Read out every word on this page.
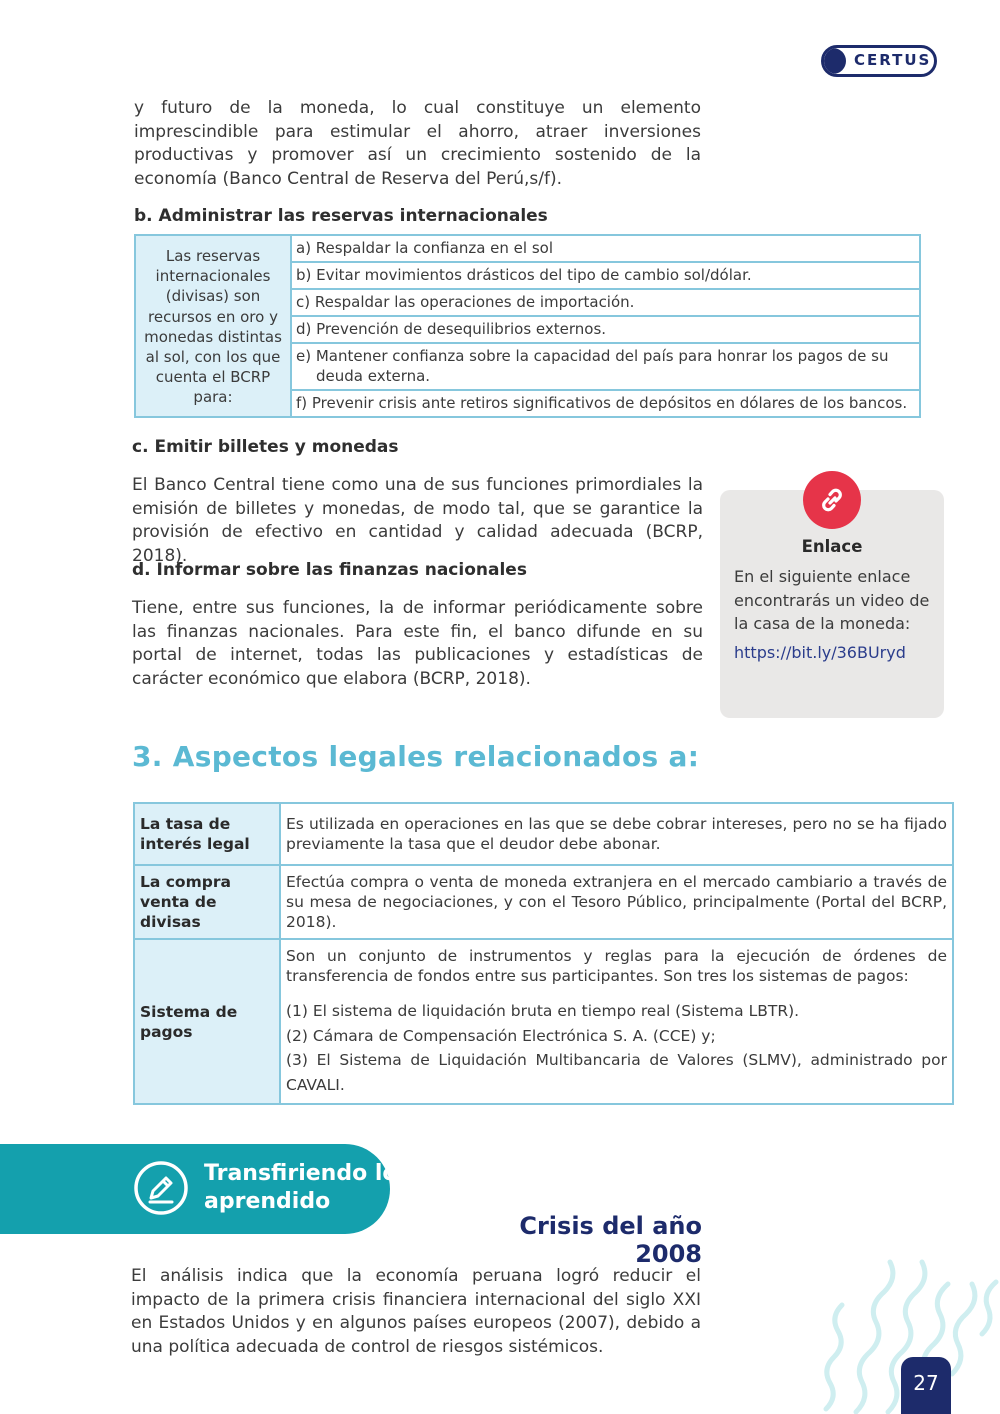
CERTUS
y futuro de la moneda, lo cual constituye un elemento imprescindible para estimular el ahorro, atraer inversiones productivas y promover así un crecimiento sostenido de la economía (Banco Central de Reserva del Perú,s/f).
b. Administrar las reservas internacionales
Las reservas internacionales (divisas) son recursos en oro y monedas distintas al sol, con los que cuenta el BCRP para:	a) Respaldar la confianza en el sol
b) Evitar movimientos drásticos del tipo de cambio sol/dólar.
c) Respaldar las operaciones de importación.
d) Prevención de desequilibrios externos.

e) Mantener confianza sobre la capacidad del país para honrar los pagos de su deuda externa.

f) Prevenir crisis ante retiros significativos de depósitos en dólares de los bancos.
c. Emitir billetes y monedas
El Banco Central tiene como una de sus funciones primordiales la emisión de billetes y monedas, de modo tal, que se garantice la provisión de efectivo en cantidad y calidad adecuada (BCRP, 2018).
d. Informar sobre las finanzas nacionales
Tiene, entre sus funciones, la de informar periódicamente sobre las finanzas nacionales. Para este fin, el banco difunde en su portal de internet, todas las publicaciones y estadísticas de carácter económico que elabora (BCRP, 2018).
Enlace
En el siguiente enlace encontrarás un video de la casa de la moneda:
https://bit.ly/36BUryd
3. Aspectos legales relacionados a:
La tasa de interés legal	Es utilizada en operaciones en las que se debe cobrar intereses, pero no se ha fijado previamente la tasa que el deudor debe abonar.
La compra venta de divisas	Efectúa compra o venta de moneda extranjera en el mercado cambiario a través de su mesa de negociaciones, y con el Tesoro Público, principalmente (Portal del BCRP, 2018).
Sistema de pagos	Son un conjunto de instrumentos y reglas para la ejecución de órdenes de transferencia de fondos entre sus participantes. Son tres los sistemas de pagos:
(1) El sistema de liquidación bruta en tiempo real (Sistema LBTR).
(2) Cámara de Compensación Electrónica S. A. (CCE) y;
(3) El Sistema de Liquidación Multibancaria de Valores (SLMV), administrado por CAVALI.
Transfiriendo lo
aprendido
Crisis del año 2008
El análisis indica que la economía peruana logró reducir el impacto de la primera crisis financiera internacional del siglo XXI en Estados Unidos y en algunos países europeos (2007), debido a una política adecuada de control de riesgos sistémicos.
27
